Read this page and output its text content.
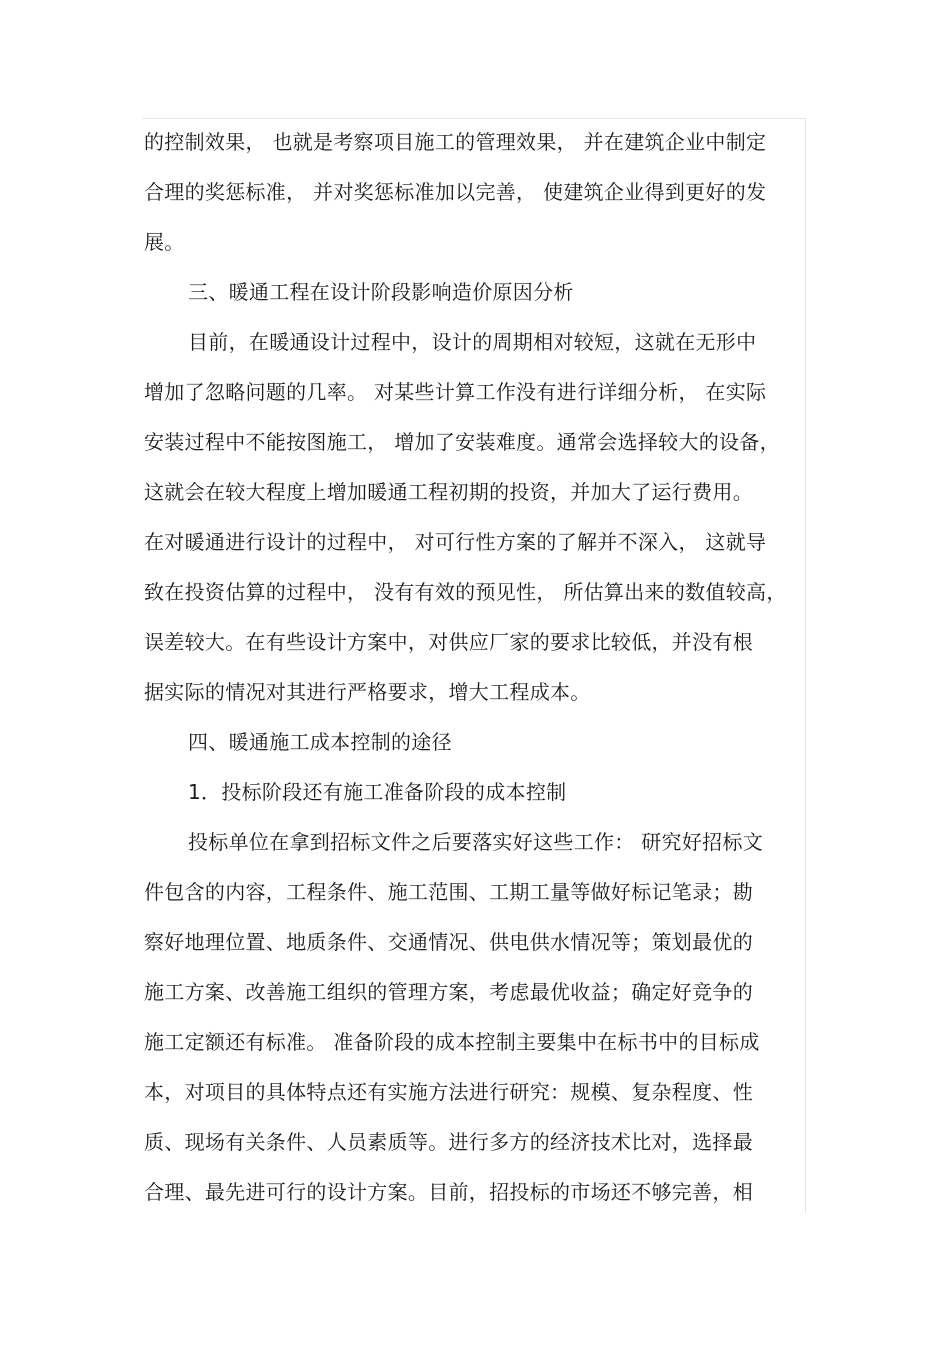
的控制效果， 也就是考察项目施工的管理效果， 并在建筑企业中制定
合理的奖惩标准， 并对奖惩标准加以完善， 使建筑企业得到更好的发
展。
三、暖通工程在设计阶段影响造价原因分析
目前，在暖通设计过程中，设计的周期相对较短，这就在无形中
增加了忽略问题的几率。 对某些计算工作没有进行详细分析， 在实际
安装过程中不能按图施工， 增加了安装难度。通常会选择较大的设备，
这就会在较大程度上增加暖通工程初期的投资，并加大了运行费用。
在对暖通进行设计的过程中， 对可行性方案的了解并不深入， 这就导
致在投资估算的过程中， 没有有效的预见性， 所估算出来的数值较高，
误差较大。在有些设计方案中，对供应厂家的要求比较低，并没有根
据实际的情况对其进行严格要求，增大工程成本。
四、暖通施工成本控制的途径
1．投标阶段还有施工准备阶段的成本控制
投标单位在拿到招标文件之后要落实好这些工作： 研究好招标文
件包含的内容，工程条件、施工范围、工期工量等做好标记笔录；勘
察好地理位置、地质条件、交通情况、供电供水情况等；策划最优的
施工方案、改善施工组织的管理方案，考虑最优收益；确定好竞争的
施工定额还有标准。 准备阶段的成本控制主要集中在标书中的目标成
本，对项目的具体特点还有实施方法进行研究：规模、复杂程度、性
质、现场有关条件、人员素质等。进行多方的经济技术比对，选择最
合理、最先进可行的设计方案。目前，招投标的市场还不够完善，相
